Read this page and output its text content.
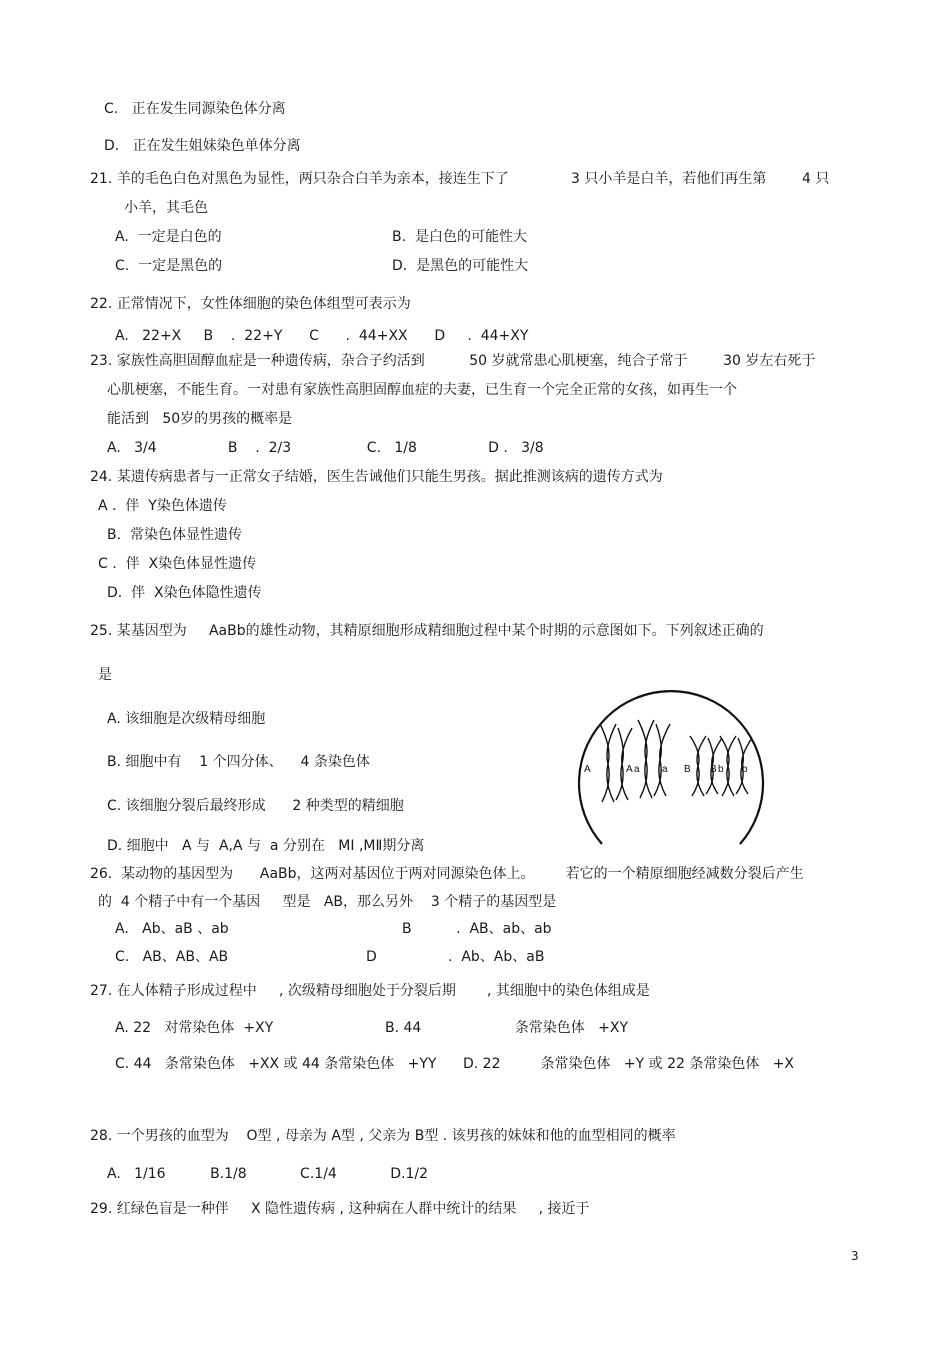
C.   正在发生同源染色体分离
D.   正在发生姐妹染色单体分离
21. 羊的毛色白色对黑色为显性，两只杂合白羊为亲本，接连生下了              3 只小羊是白羊，若他们再生第        4 只
小羊，其毛色
A.  一定是白色的	B.  是白色的可能性大
C.  一定是黑色的	D.  是黑色的可能性大
22. 正常情况下，女性体细胞的染色体组型可表示为
A.   22+X     B    .  22+Y      C      .  44+XX      D     .  44+XY
23. 家族性高胆固醇血症是一种遗传病，杂合子约活到          50 岁就常患心肌梗塞，纯合子常于        30 岁左右死于
心肌梗塞，不能生育。一对患有家族性高胆固醇血症的夫妻，已生育一个完全正常的女孩，如再生一个
能活到   50岁的男孩的概率是
A.   3/4                B    .  2/3                 C.   1/8                D .   3/8
24. 某遗传病患者与一正常女子结婚，医生告诫他们只能生男孩。据此推测该病的遗传方式为
A .  伴  Y染色体遗传
B.  常染色体显性遗传
C .  伴  X染色体显性遗传
D.  伴  X染色体隐性遗传
25. 某基因型为     AaBb的雄性动物，其精原细胞形成精细胞过程中某个时期的示意图如下。下列叙述正确的
是
A. 该细胞是次级精母细胞
B. 细胞中有    1 个四分体、    4 条染色体
C. 该细胞分裂后最终形成      2 种类型的精细胞
D. 细胞中   A 与  A,A 与  a 分别在   MⅠ ,MⅡ期分离
A	A a a B B b b
26.  某动物的基因型为      AaBb，这两对基因位于两对同源染色体上。       若它的一个精原细胞经减数分裂后产生
的  4 个精子中有一个基因     型是   AB，那么另外    3 个精子的基因型是
A.   Ab、aB 、ab	B          .  AB、ab、ab
C.   AB、AB、AB	D                .  Ab、Ab、aB
27. 在人体精子形成过程中     , 次级精母细胞处于分裂后期       , 其细胞中的染色体组成是
A. 22   对常染色体  +XY	B. 44                     条常染色体   +XY
C. 44   条常染色体   +XX 或 44 条常染色体   +YY D. 22         条常染色体   +Y 或 22 条常染色体   +X
28. 一个男孩的血型为    O型 , 母亲为 A型 , 父亲为 B型 . 该男孩的妹妹和他的血型相同的概率
A.   1/16          B.1/8            C.1/4            D.1/2
29. 红绿色盲是一种伴     X 隐性遗传病 , 这种病在人群中统计的结果     , 接近于
3
